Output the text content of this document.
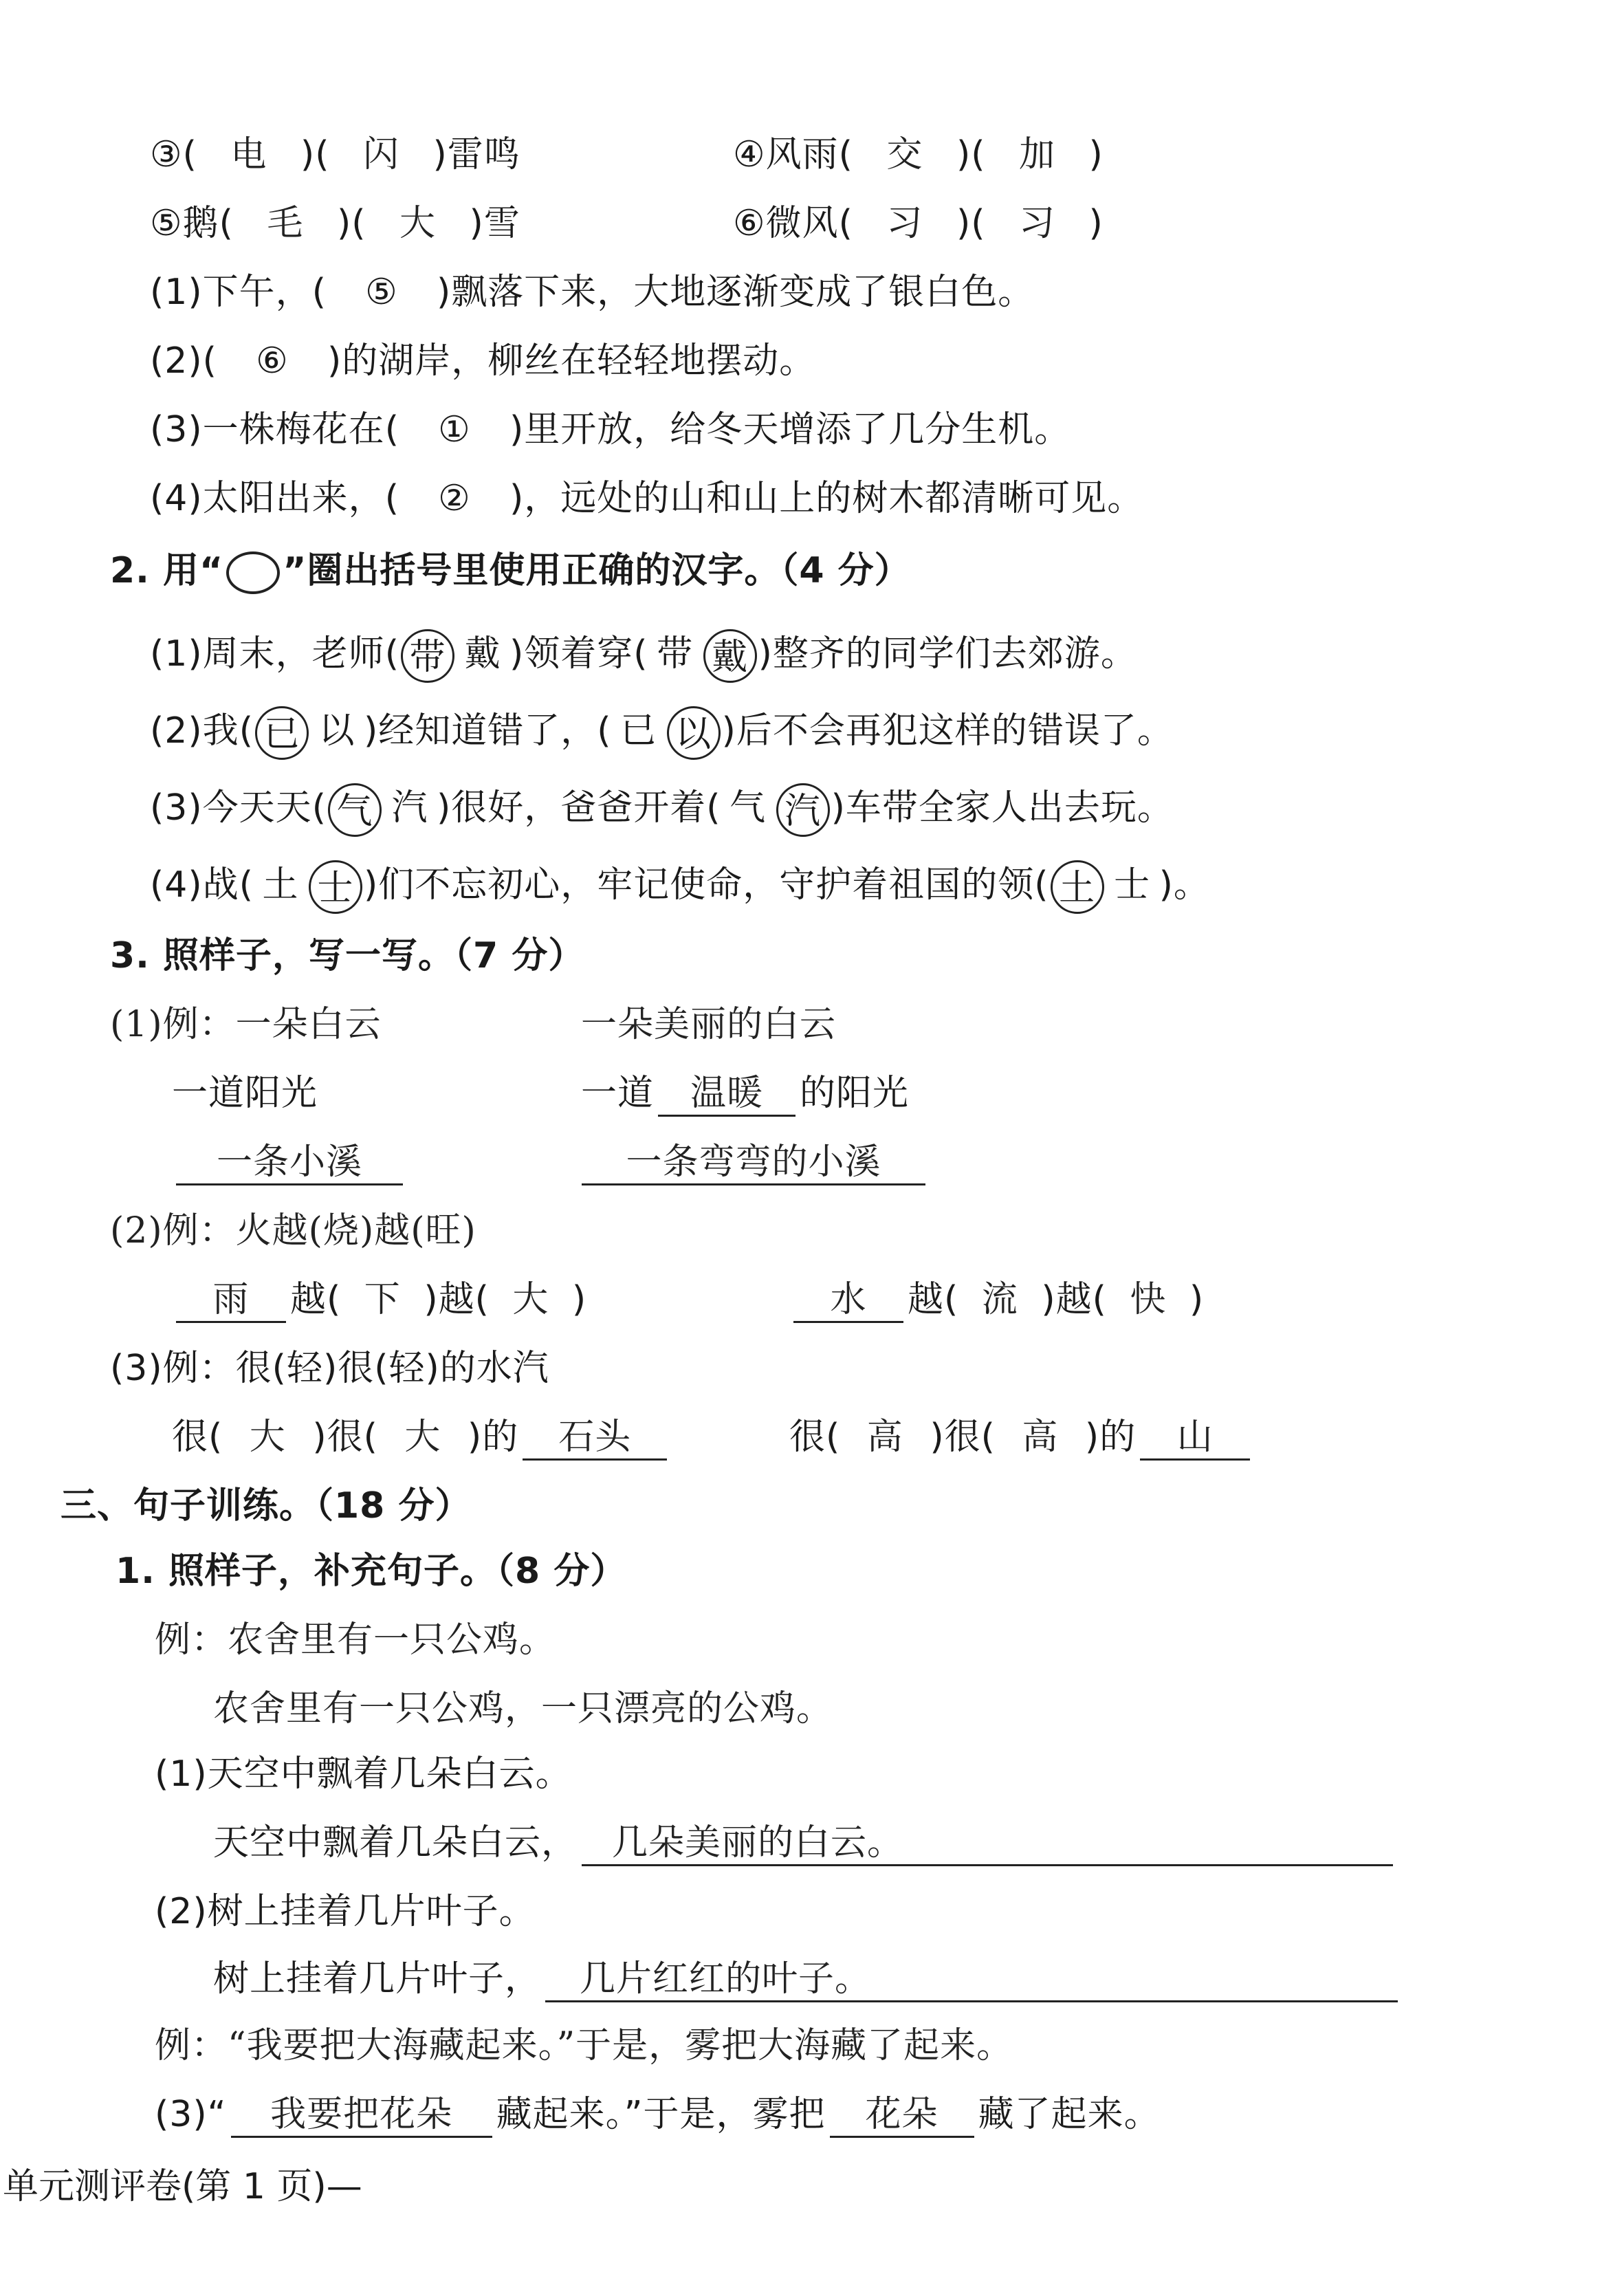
③( 电 )( 闪 )雷鸣	④风雨( 交 )( 加 )
⑤鹅( 毛 )( 大 )雪	⑥微风( 习 )( 习 )
(1)下午，( ⑤ )飘落下来，大地逐渐变成了银白色。
(2)( ⑥ )的湖岸，柳丝在轻轻地摆动。
(3)一株梅花在( ① )里开放，给冬天增添了几分生机。
(4)太阳出来，( ② )，远处的山和山上的树木都清晰可见。
2. 用“ ”圈出括号里使用正确的汉字。（4 分）
(1)周末，老师( 带 戴 )领着穿( 带 戴 )整齐的同学们去郊游。
(2)我( 已 以 )经知道错了，( 已 以 )后不会再犯这样的错误了。
(3)今天天( 气 汽 )很好，爸爸开着( 气 汽 )车带全家人出去玩。
(4)战( 土 士 )们不忘初心，牢记使命，守护着祖国的领( 土 士 )。
3. 照样子，写一写。（7 分）
(1)例：一朵白云	一朵美丽的白云
一道阳光	一道 温暖 的阳光
一条小溪	一条弯弯的小溪
(2)例：火越(烧)越(旺)
雨 越( 下 )越( 大 )	水 越( 流 )越( 快 )
(3)例：很(轻)很(轻)的水汽
很( 大 )很( 大 )的 石头	很( 高 )很( 高 )的 山
三、句子训练。（18 分）
1. 照样子，补充句子。（8 分）
例：农舍里有一只公鸡。
农舍里有一只公鸡，一只漂亮的公鸡。
(1)天空中飘着几朵白云。
天空中飘着几朵白云， 几朵美丽的白云。
(2)树上挂着几片叶子。
树上挂着几片叶子， 几片红红的叶子。
例：“我要把大海藏起来。”于是，雾把大海藏了起来。
(3)“ 我要把花朵 藏起来。”于是，雾把 花朵 藏了起来。
单元测评卷(第 1 页)—
